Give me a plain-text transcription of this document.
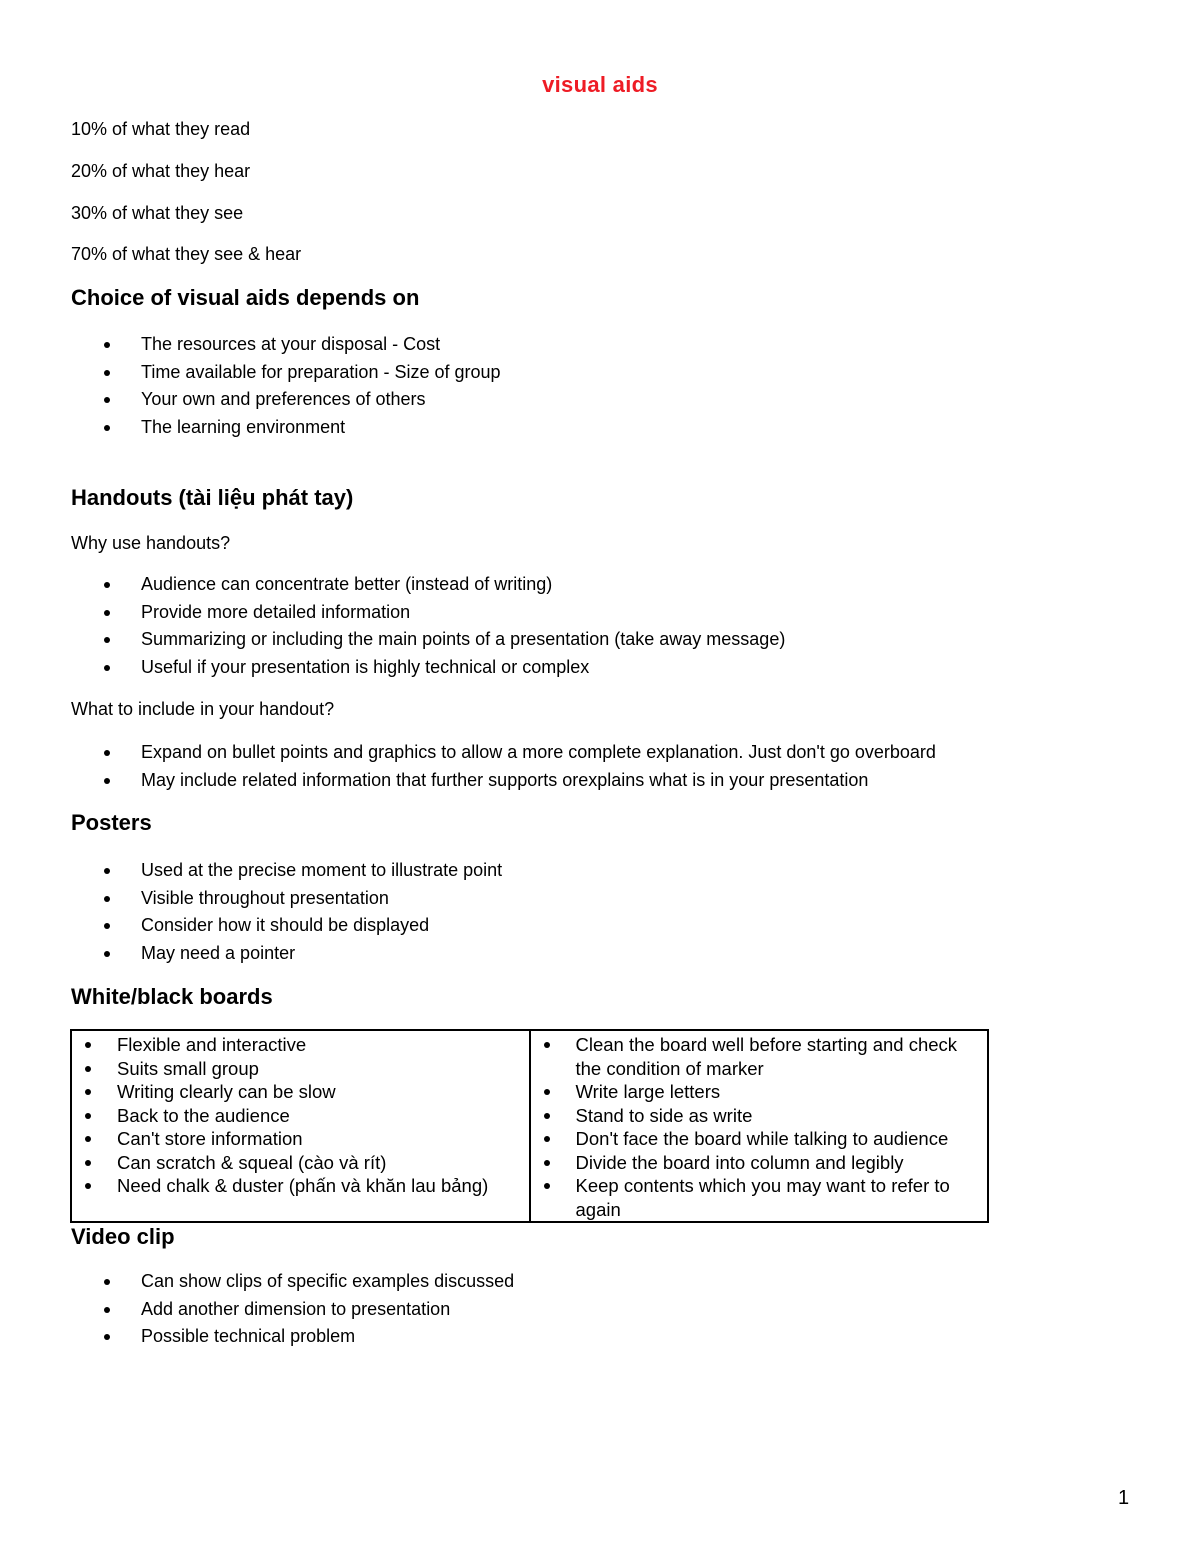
visual aids
10% of what they read
20% of what they hear
30% of what they see
70% of what they see & hear
Choice of visual aids depends on
The resources at your disposal - Cost
Time available for preparation - Size of group
Your own and preferences of others
The learning environment
Handouts (tài liệu phát tay)
Why use handouts?
Audience can concentrate better (instead of writing)
Provide more detailed information
Summarizing or including the main points of a presentation (take away message)
Useful if your presentation is highly technical or complex
What to include in your handout?
Expand on bullet points and graphics to allow a more complete explanation. Just don't go overboard
May include related information that further supports orexplains what is in your presentation
Posters
Used at the precise moment to illustrate point
Visible throughout presentation
Consider how it should be displayed
May need a pointer
White/black boards
Flexible and interactive
Suits small group
Writing clearly can be slow
Back to the audience
Can't store information
Can scratch & squeal (cào và rít)
Need chalk & duster (phấn và khăn lau bảng)

Clean the board well before starting and check the condition of marker
Write large letters
Stand to side as write
Don't face the board while talking to audience
Divide the board into column and legibly
Keep contents which you may want to refer to again
Video clip
Can show clips of specific examples discussed
Add another dimension to presentation
Possible technical problem
1
